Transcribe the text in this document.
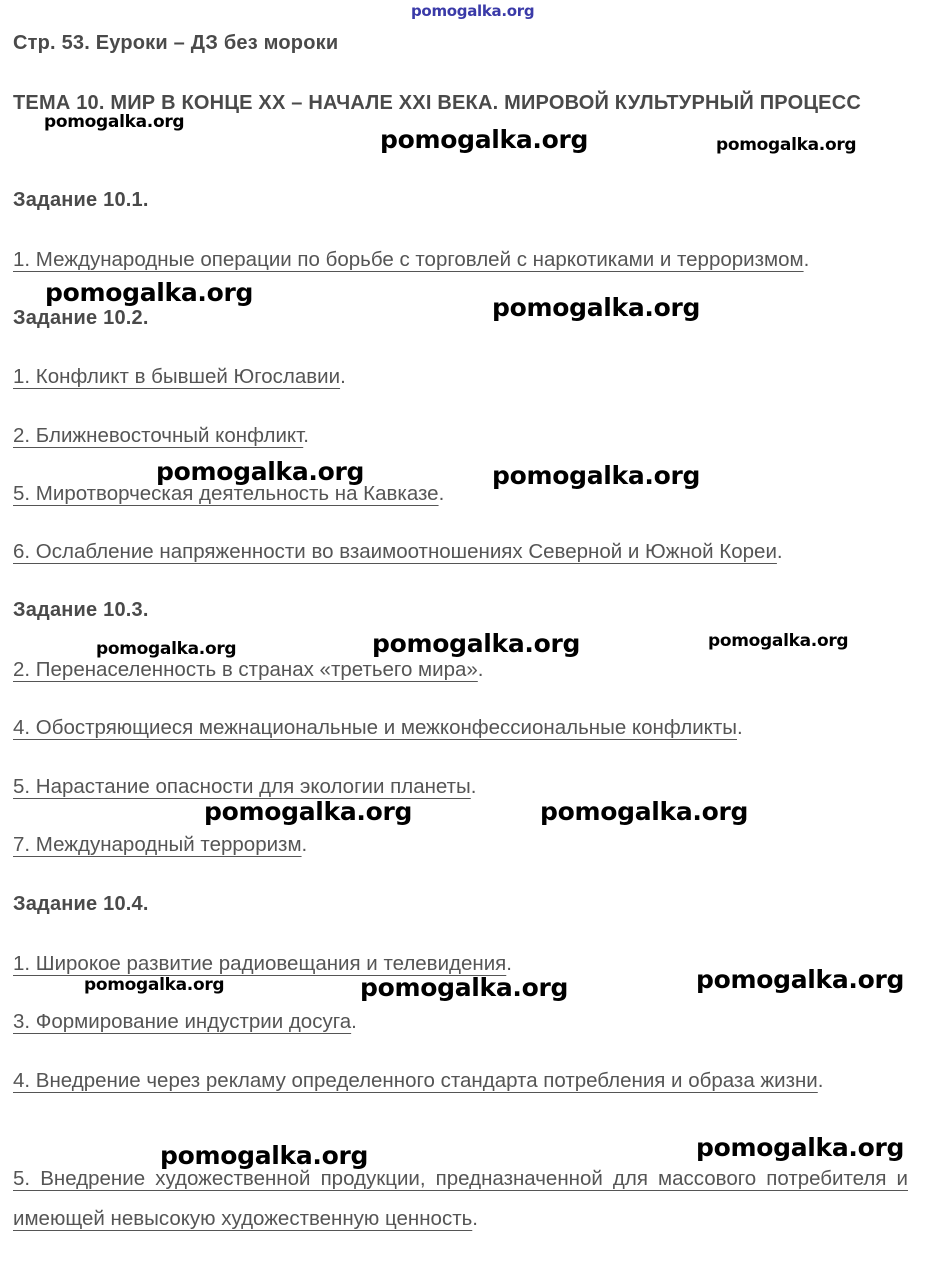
pomogalka.org

Стр. 53. Еуроки – ДЗ без мороки

ТЕМА 10. МИР В КОНЦЕ XX – НАЧАЛЕ XXI ВЕКА. МИРОВОЙ КУЛЬТУРНЫЙ ПРОЦЕСС

Задание 10.1.

1. Международные операции по борьбе с торговлей с наркотиками и терроризмом.

Задание 10.2.

1. Конфликт в бывшей Югославии.

2. Ближневосточный конфликт.

5. Миротворческая деятельность на Кавказе.

6. Ослабление напряженности во взаимоотношениях Северной и Южной Кореи.

Задание 10.3.

2. Перенаселенность в странах «третьего мира».

4. Обостряющиеся межнациональные и межконфессиональные конфликты.

5. Нарастание опасности для экологии планеты.

7. Международный терроризм.

Задание 10.4.

1. Широкое развитие радиовещания и телевидения.

3. Формирование индустрии досуга.

4. Внедрение через рекламу определенного стандарта потребления и образа жизни.

5. Внедрение художественной продукции, предназначенной для массового потребителя и имеющей невысокую художественную ценность.

pomogalka.org
pomogalka.org	pomogalka.org
pomogalka.org
pomogalka.org
pomogalka.org	pomogalka.org
pomogalka.org	pomogalka.org	pomogalka.org
pomogalka.org	pomogalka.org
pomogalka.org	pomogalka.org	pomogalka.org
pomogalka.org	pomogalka.org
